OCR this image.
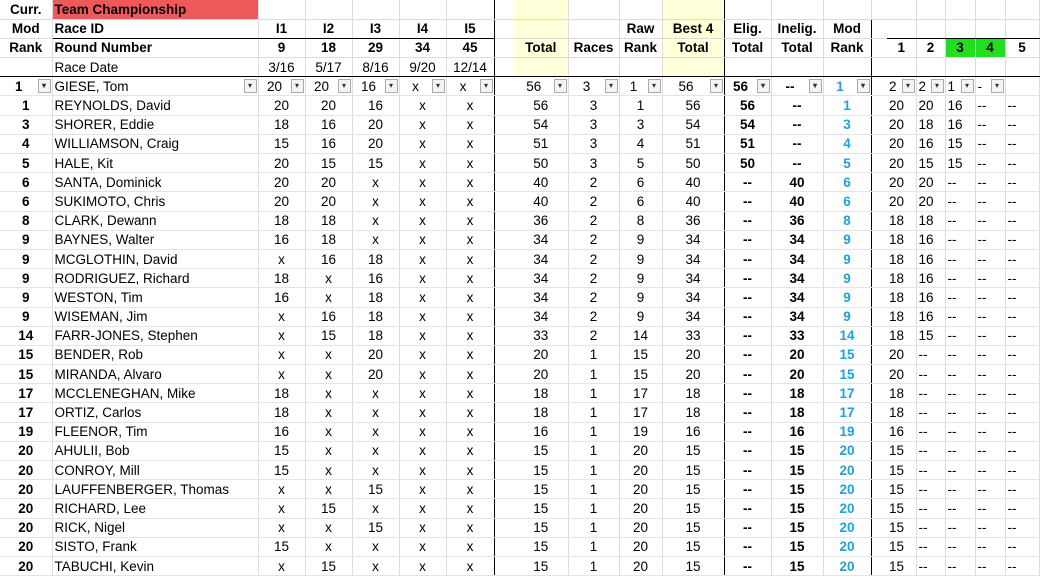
Curr.	Team Championship																			
Mod	Race ID	I1	I2	I3	I4	I5				Raw	Best 4	Elig.	Inelig.	Mod						
Rank	Round Number	9	18	29	34	45		Total	Races	Rank	Total	Total	Total	Rank		1	2	3	4	5
	Race Date	3/16	5/17	8/16	9/20	12/14														
1 ▾	GIESE, Tom ▾	20 ▾	20 ▾	16 ▾	x ▾	x ▾		56 ▾	3 ▾	1 ▾	56 ▾	56 ▾	-- ▾	1 ▾		2 ▾	2 ▾	1 ▾	- ▾	

1	REYNOLDS, David	20	20	16	x	x		56	3	1	56	56	--	1		20	20	16	--	--
3	SHORER, Eddie	18	16	20	x	x		54	3	3	54	54	--	3		20	18	16	--	--
4	WILLIAMSON, Craig	15	16	20	x	x		51	3	4	51	51	--	4		20	16	15	--	--
5	HALE, Kit	20	15	15	x	x		50	3	5	50	50	--	5		20	15	15	--	--
6	SANTA, Dominick	20	20	x	x	x		40	2	6	40	--	40	6		20	20	--	--	--
6	SUKIMOTO, Chris	20	20	x	x	x		40	2	6	40	--	40	6		20	20	--	--	--
8	CLARK, Dewann	18	18	x	x	x		36	2	8	36	--	36	8		18	18	--	--	--
9	BAYNES, Walter	16	18	x	x	x		34	2	9	34	--	34	9		18	16	--	--	--
9	MCGLOTHIN, David	x	16	18	x	x		34	2	9	34	--	34	9		18	16	--	--	--
9	RODRIGUEZ, Richard	18	x	16	x	x		34	2	9	34	--	34	9		18	16	--	--	--
9	WESTON, Tim	16	x	18	x	x		34	2	9	34	--	34	9		18	16	--	--	--
9	WISEMAN, Jim	x	16	18	x	x		34	2	9	34	--	34	9		18	16	--	--	--
14	FARR-JONES, Stephen	x	15	18	x	x		33	2	14	33	--	33	14		18	15	--	--	--
15	BENDER, Rob	x	x	20	x	x		20	1	15	20	--	20	15		20	--	--	--	--
15	MIRANDA, Alvaro	x	x	20	x	x		20	1	15	20	--	20	15		20	--	--	--	--
17	MCCLENEGHAN, Mike	18	x	x	x	x		18	1	17	18	--	18	17		18	--	--	--	--
17	ORTIZ, Carlos	18	x	x	x	x		18	1	17	18	--	18	17		18	--	--	--	--
19	FLEENOR, Tim	16	x	x	x	x		16	1	19	16	--	16	19		16	--	--	--	--
20	AHULII, Bob	15	x	x	x	x		15	1	20	15	--	15	20		15	--	--	--	--
20	CONROY, Mill	15	x	x	x	x		15	1	20	15	--	15	20		15	--	--	--	--
20	LAUFFENBERGER, Thomas	x	x	15	x	x		15	1	20	15	--	15	20		15	--	--	--	--
20	RICHARD, Lee	x	15	x	x	x		15	1	20	15	--	15	20		15	--	--	--	--
20	RICK, Nigel	x	x	15	x	x		15	1	20	15	--	15	20		15	--	--	--	--
20	SISTO, Frank	15	x	x	x	x		15	1	20	15	--	15	20		15	--	--	--	--
20	TABUCHI, Kevin	x	15	x	x	x		15	1	20	15	--	15	20		15	--	--	--	--
